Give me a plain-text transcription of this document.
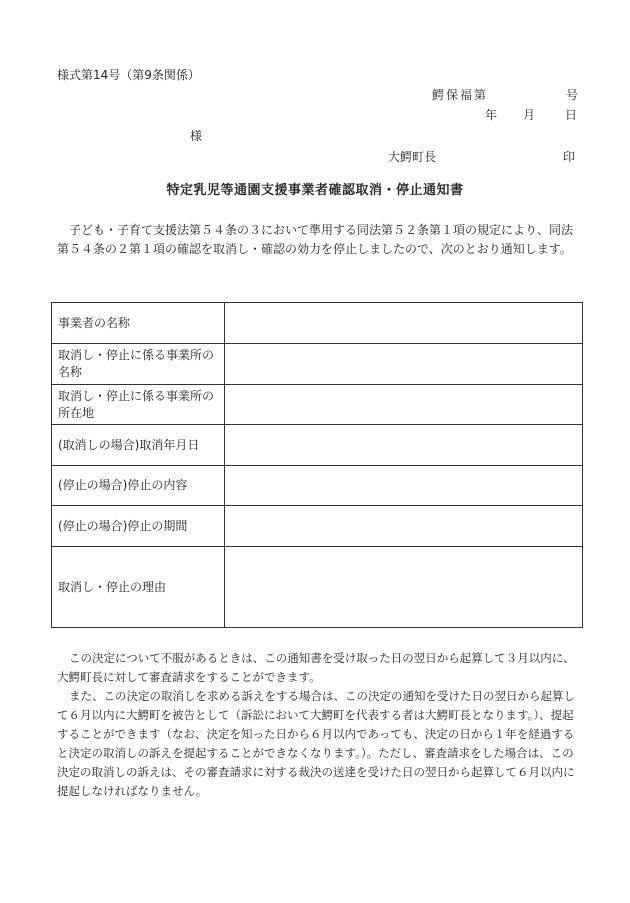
様式第14号（第9条関係）
鰐保福第	号
年 月 日
様
大鰐町長	印
特定乳児等通園支援事業者確認取消・停止通知書
子ども・子育て支援法第５４条の３において準用する同法第５２条第１項の規定により、同法第５４条の２第１項の確認を取消し・確認の効力を停止しましたので、次のとおり通知します。
事業者の名称	
取消し・停止に係る事業所の名称	
取消し・停止に係る事業所の所在地	
(取消しの場合)取消年月日	
(停止の場合)停止の内容	
(停止の場合)停止の期間	
取消し・停止の理由	

この決定について不服があるときは、この通知書を受け取った日の翌日から起算して３月以内に、大鰐町長に対して審査請求をすることができます。

また、この決定の取消しを求める訴えをする場合は、この決定の通知を受けた日の翌日から起算して６月以内に大鰐町を被告として（訴訟において大鰐町を代表する者は大鰐町長となります。）、提起することができます（なお、決定を知った日から６月以内であっても、決定の日から１年を経過すると決定の取消しの訴えを提起することができなくなります。）。ただし、審査請求をした場合は、この決定の取消しの訴えは、その審査請求に対する裁決の送達を受けた日の翌日から起算して６月以内に提起しなければなりません。
